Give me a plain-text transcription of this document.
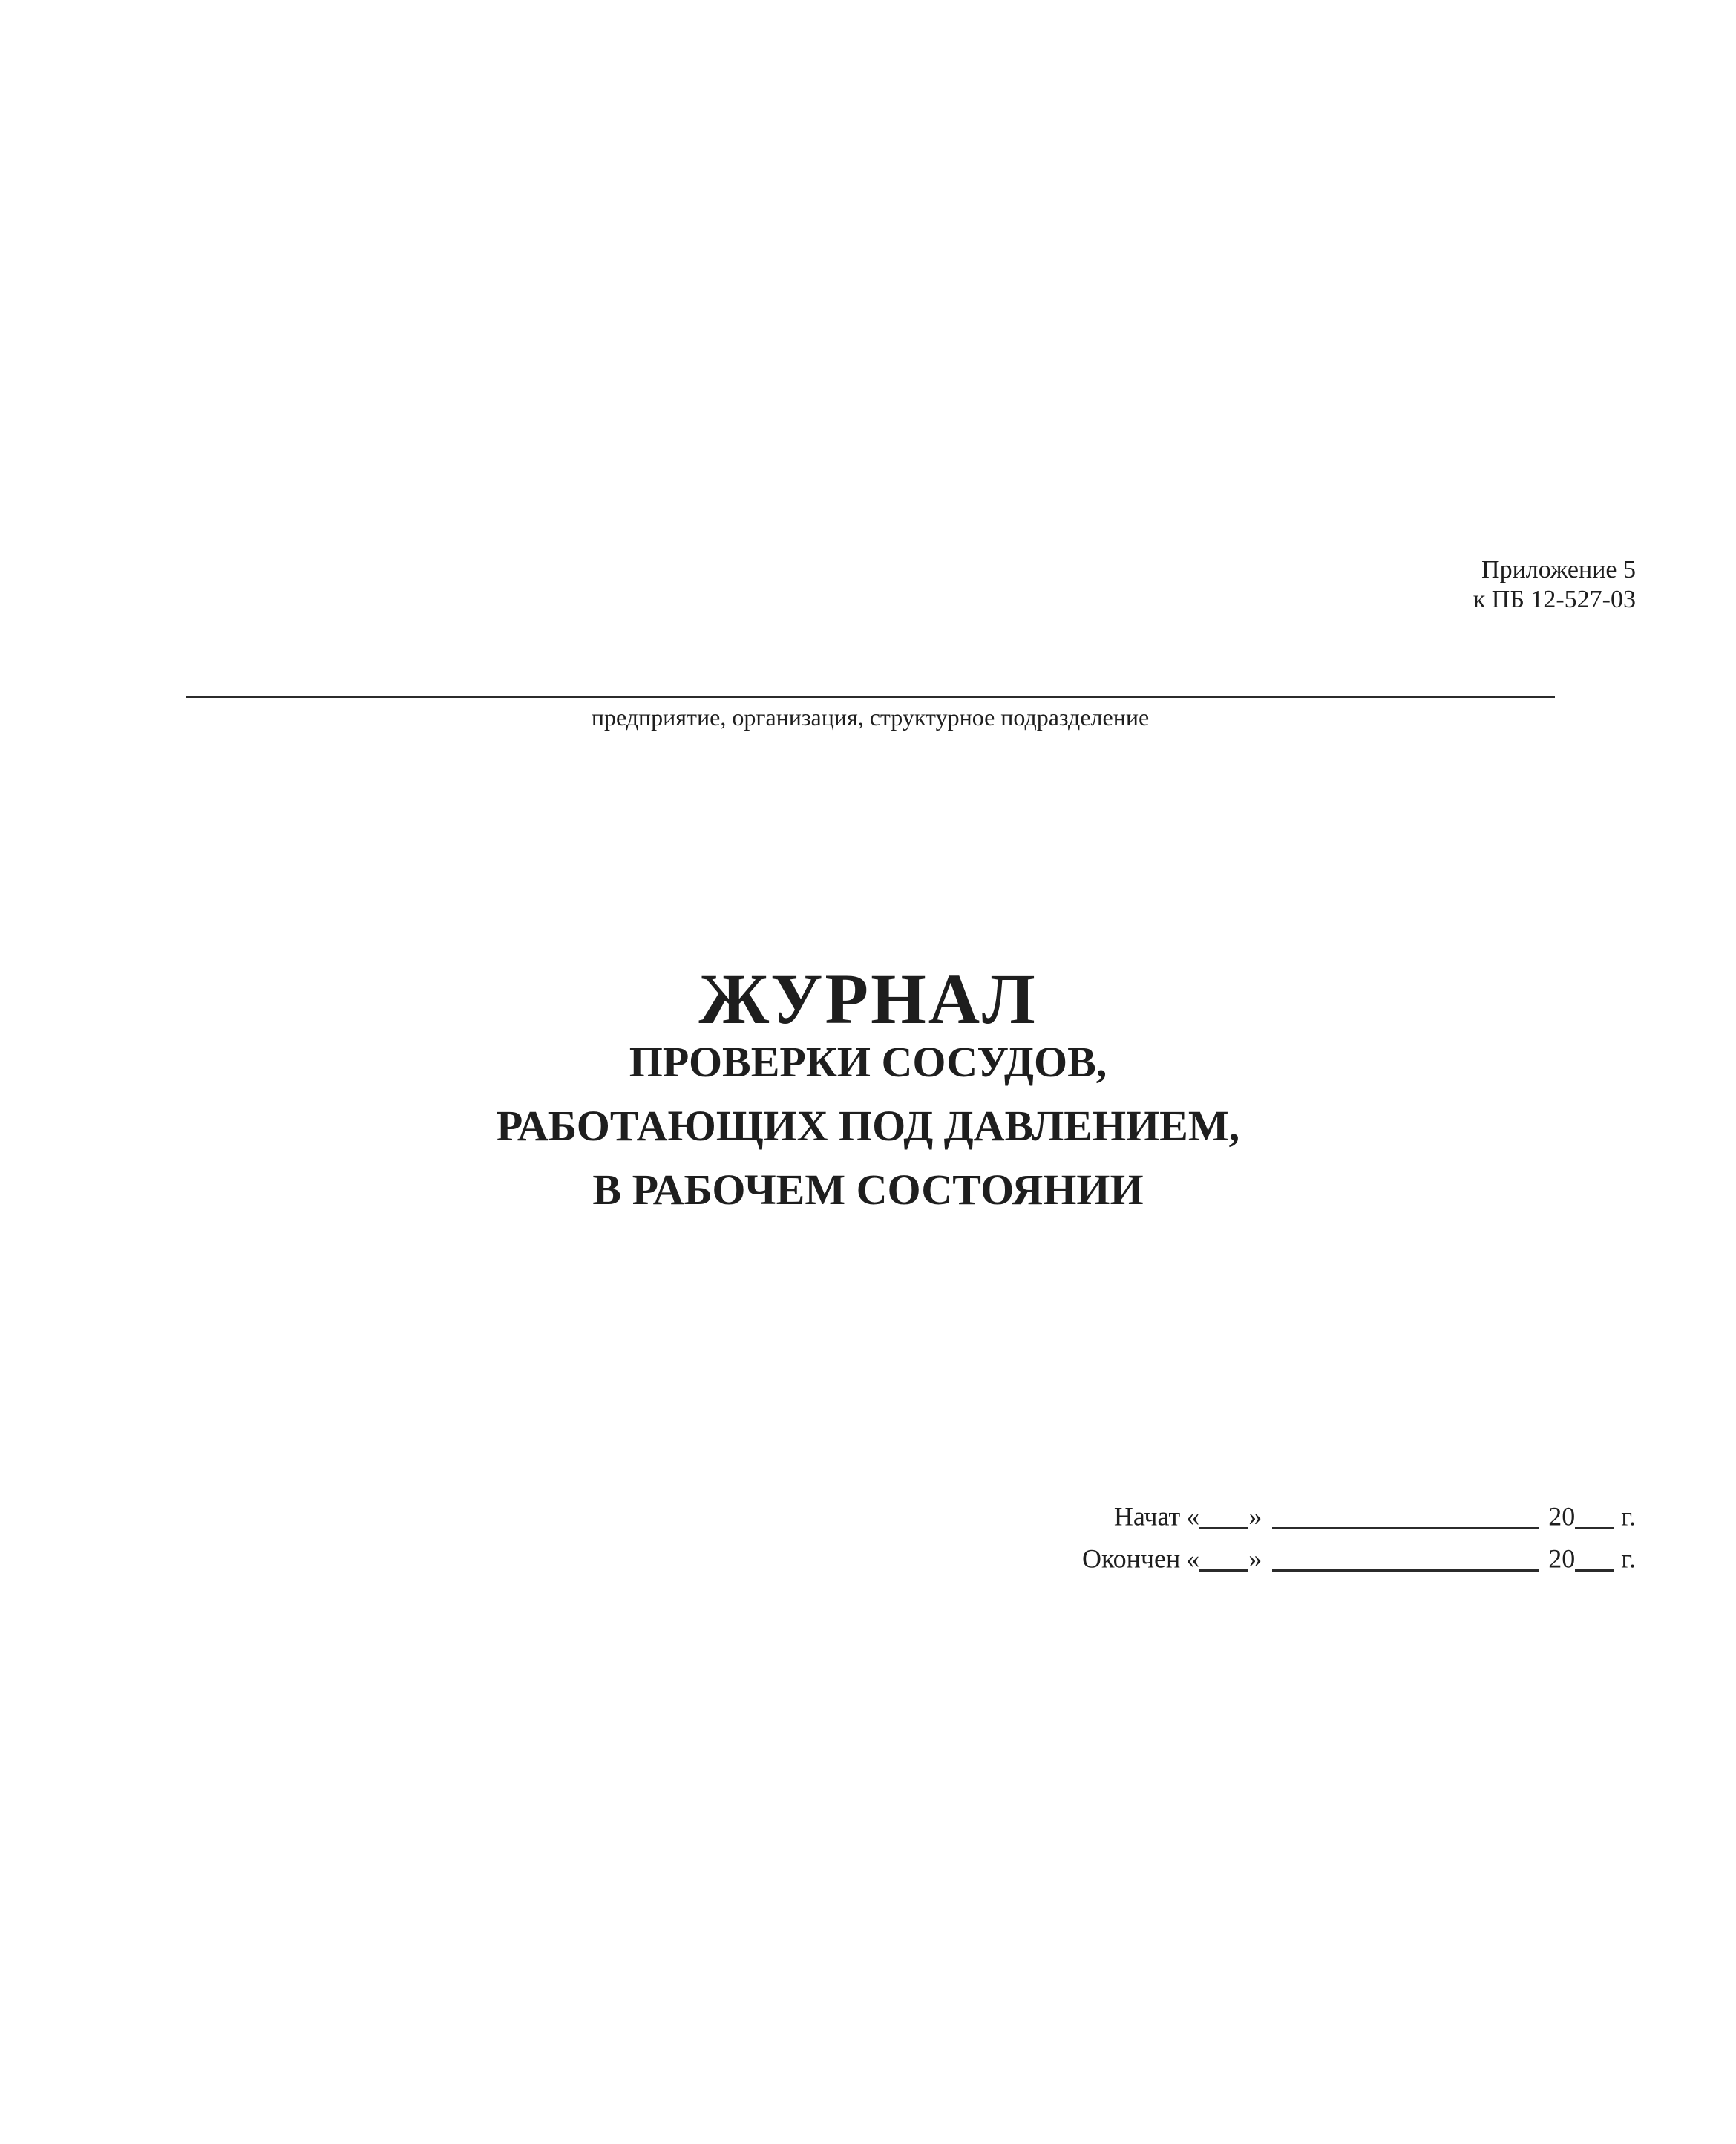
Приложение 5
к ПБ 12-527-03
предприятие, организация, структурное подразделение
ЖУРНАЛ
ПРОВЕРКИ СОСУДОВ,
РАБОТАЮЩИХ ПОД ДАВЛЕНИЕМ,
В РАБОЧЕМ СОСТОЯНИИ
Начат « »	20 г.
Окончен « »	20 г.
